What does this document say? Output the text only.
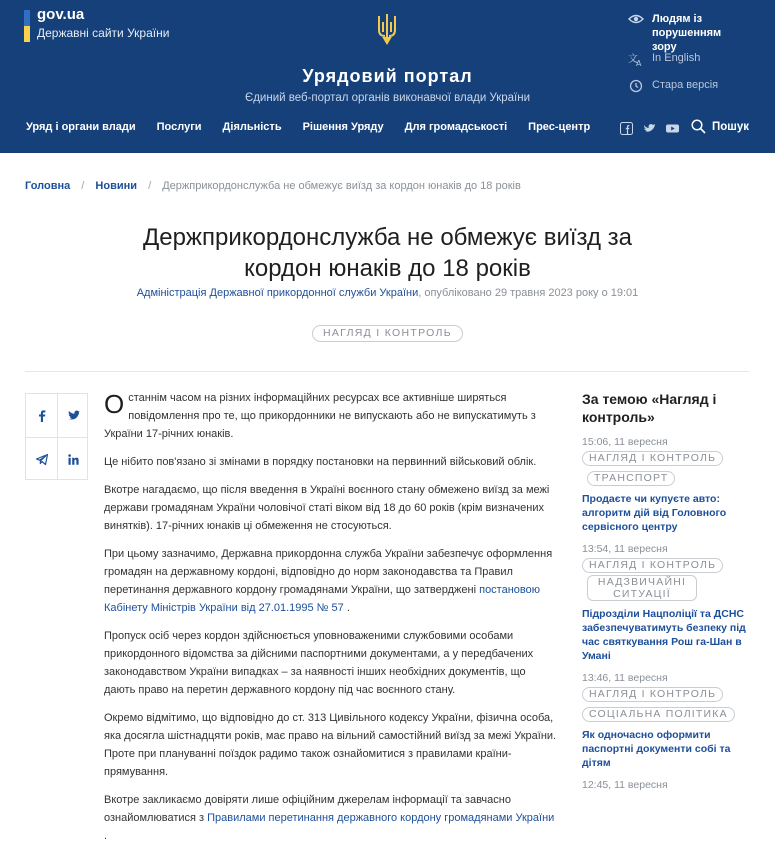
gov.ua
Державні сайти України
Урядовий портал
Єдиний веб-портал органів виконавчої влади України
Людям із
порушенням зору
文
A In English
Стара версія
Уряд і органи влади Послуги Діяльність Рішення Уряду Для громадськості Прес-центр	Пошук
Головна / Новини / Держприкордонслужба не обмежує виїзд за кордон юнаків до 18 років
Держприкордонслужба не обмежує виїзд за кордон юнаків до 18 років
Адміністрація Державної прикордонної служби України, опубліковано 29 травня 2023 року о 19:01
НАГЛЯД І КОНТРОЛЬ

Останнім часом на різних інформаційних ресурсах все активніше ширяться повідомлення про те, що прикордонники не випускають або не випускатимуть з України 17-річних юнаків.

Це нібито пов'язано зі змінами в порядку постановки на первинний військовий облік.

Вкотре нагадаємо, що після введення в Україні воєнного стану обмежено виїзд за межі держави громадянам України чоловічої статі віком від 18 до 60 років (крім визначених винятків). 17-річних юнаків ці обмеження не стосуються.

При цьому зазначимо, Державна прикордонна служба України забезпечує оформлення громадян на державному кордоні, відповідно до норм законодавства та Правил перетинання державного кордону громадянами України, що затверджені постановою Кабінету Міністрів України від 27.01.1995 № 57 .

Пропуск осіб через кордон здійснюється уповноваженими службовими особами прикордонного відомства за дійсними паспортними документами, а у передбачених законодавством України випадках – за наявності інших необхідних документів, що дають право на перетин державного кордону під час воєнного стану.

Окремо відмітимо, що відповідно до ст. 313 Цивільного кодексу України, фізична особа, яка досягла шістнадцяти років, має право на вільний самостійний виїзд за межі України. Проте при плануванні поїздок радимо також ознайомитися з правилами країни-прямування.

Вкотре закликаємо довіряти лише офіційним джерелам інформації та завчасно ознайомлюватися з Правилами перетинання державного кордону громадянами України .

За темою «Нагляд і контроль»
15:06, 11 вересня
НАГЛЯД І КОНТРОЛЬ
ТРАНСПОРТ
Продаєте чи купуєте авто: алгоритм дій від Головного сервісного центру
13:54, 11 вересня
НАГЛЯД І КОНТРОЛЬ
НАДЗВИЧАЙНІ СИТУАЦІЇ
Підрозділи Нацполіції та ДСНС забезпечуватимуть безпеку під час святкування Рош га-Шан в Умані
13:46, 11 вересня
НАГЛЯД І КОНТРОЛЬ
СОЦІАЛЬНА ПОЛІТИКА
Як одночасно оформити паспортні документи собі та дітям
12:45, 11 вересня
